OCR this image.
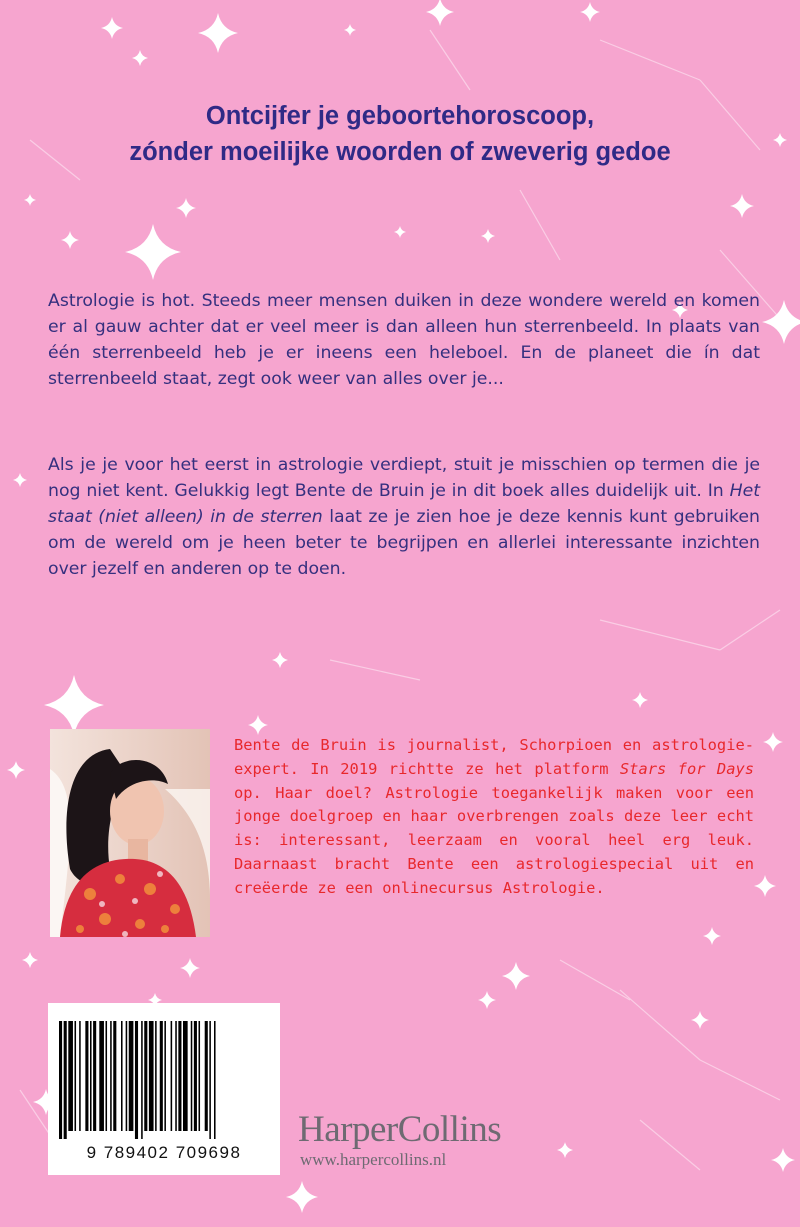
Ontcijfer je geboortehoroscoop,
zónder moeilijke woorden of zweverig gedoe

Astrologie is hot. Steeds meer mensen duiken in deze wondere wereld en komen er al gauw achter dat er veel meer is dan alleen hun sterrenbeeld. In plaats van één sterrenbeeld heb je er ineens een heleboel. En de planeet die ín dat sterrenbeeld staat, zegt ook weer van alles over je...

Als je je voor het eerst in astrologie verdiept, stuit je misschien op termen die je nog niet kent. Gelukkig legt Bente de Bruin je in dit boek alles duidelijk uit. In Het staat (niet alleen) in de sterren laat ze je zien hoe je deze kennis kunt gebruiken om de wereld om je heen beter te begrijpen en allerlei interessante inzichten over jezelf en anderen op te doen.

Bente de Bruin is journalist, Schorpioen en astrologie-expert. In 2019 richtte ze het platform Stars for Days op. Haar doel? Astrologie toegankelijk maken voor een jonge doelgroep en haar overbrengen zoals deze leer echt is: interessant, leerzaam en vooral heel erg leuk. Daarnaast bracht Bente een astrologiespecial uit en creëerde ze een onlinecursus Astrologie.

9 789402 709698

HarperCollins

www.harpercollins.nl
